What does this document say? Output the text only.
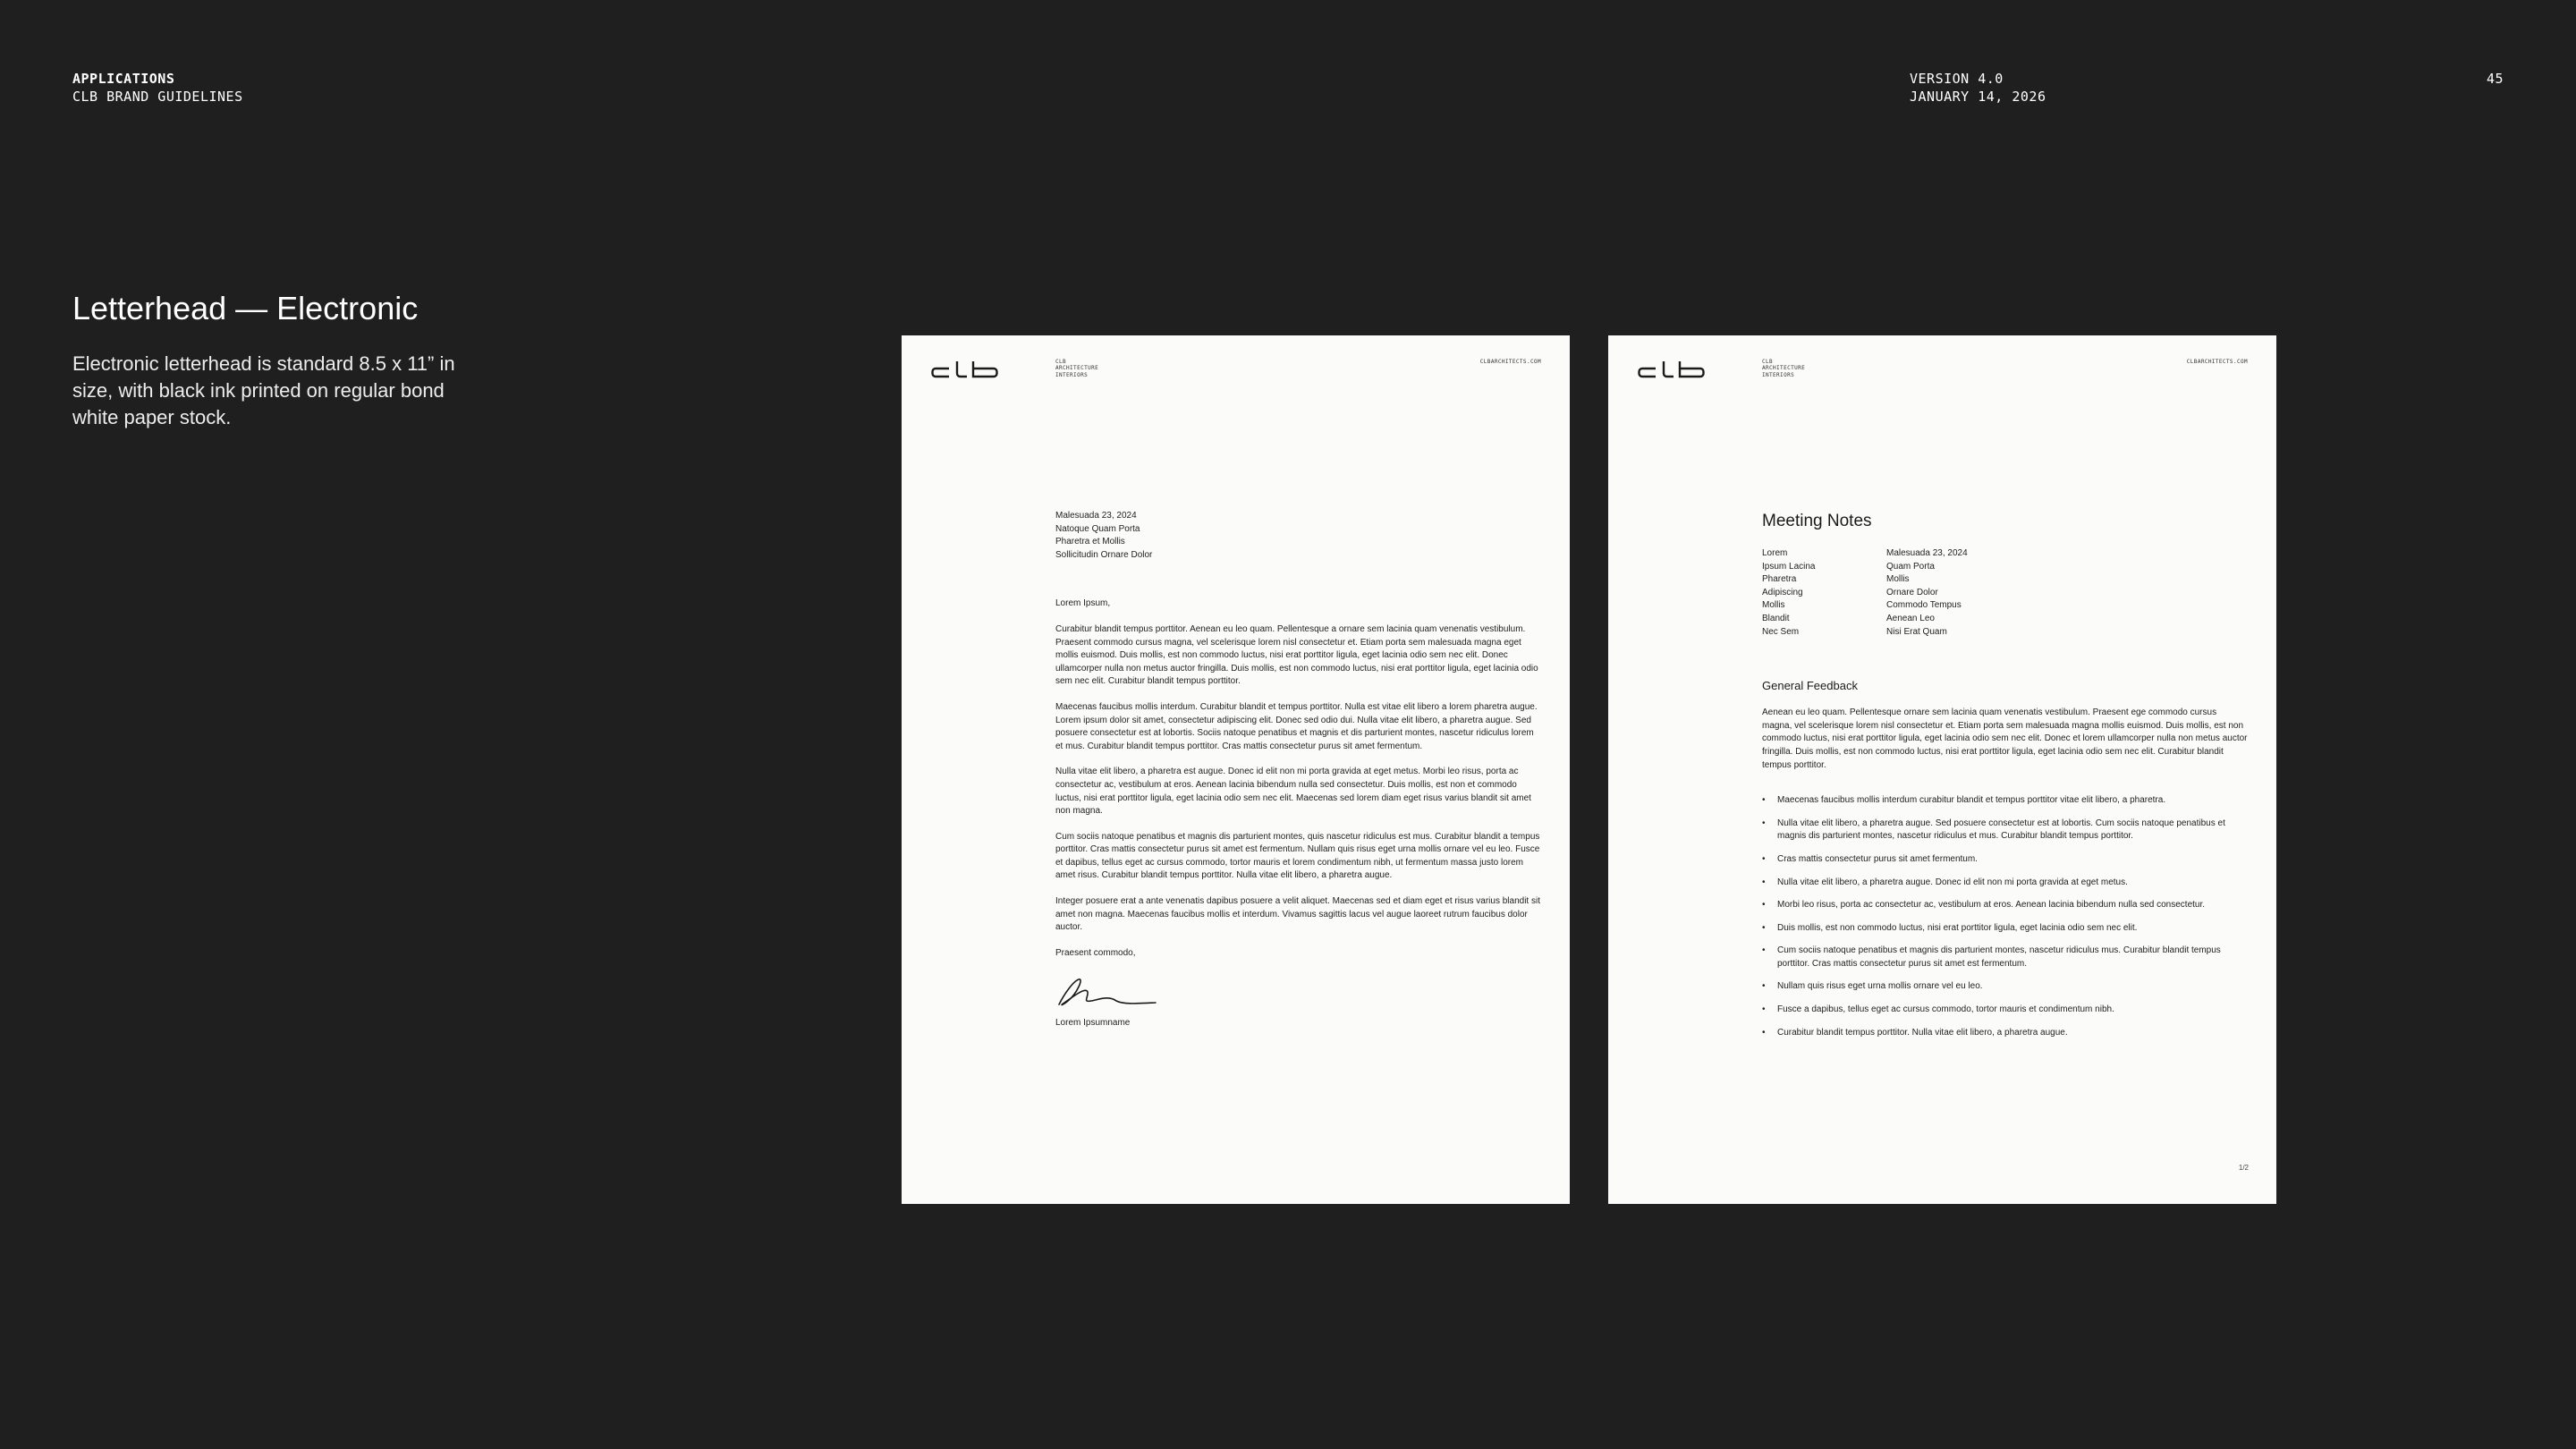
APPLICATIONS
CLB BRAND GUIDELINES
VERSION 4.0
JANUARY 14, 2026
45
Letterhead — Electronic

Electronic letterhead is standard 8.5 x 11” in size, with black ink printed on regular bond white paper stock.

CLB
ARCHITECTURE
INTERIORS
CLBARCHITECTS.COM
Malesuada 23, 2024
Natoque Quam Porta
Pharetra et Mollis
Sollicitudin Ornare Dolor

Lorem Ipsum,

Curabitur blandit tempus porttitor. Aenean eu leo quam. Pellentesque a ornare sem lacinia quam venenatis vestibulum. Praesent commodo cursus magna, vel scelerisque lorem nisl consectetur et. Etiam porta sem malesuada magna eget mollis euismod. Duis mollis, est non commodo luctus, nisi erat porttitor ligula, eget lacinia odio sem nec elit. Donec ullamcorper nulla non metus auctor fringilla. Duis mollis, est non commodo luctus, nisi erat porttitor ligula, eget lacinia odio sem nec elit. Curabitur blandit tempus porttitor.

Maecenas faucibus mollis interdum. Curabitur blandit et tempus porttitor. Nulla est vitae elit libero a lorem pharetra augue. Lorem ipsum dolor sit amet, consectetur adipiscing elit. Donec sed odio dui. Nulla vitae elit libero, a pharetra augue. Sed posuere consectetur est at lobortis. Sociis natoque penatibus et magnis et dis parturient montes, nascetur ridiculus lorem et mus. Curabitur blandit tempus porttitor. Cras mattis consectetur purus sit amet fermentum.

Nulla vitae elit libero, a pharetra est augue. Donec id elit non mi porta gravida at eget metus. Morbi leo risus, porta ac consectetur ac, vestibulum at eros. Aenean lacinia bibendum nulla sed consectetur. Duis mollis, est non et commodo luctus, nisi erat porttitor ligula, eget lacinia odio sem nec elit. Maecenas sed lorem diam eget risus varius blandit sit amet non magna.

Cum sociis natoque penatibus et magnis dis parturient montes, quis nascetur ridiculus est mus. Curabitur blandit a tempus porttitor. Cras mattis consectetur purus sit amet est fermentum. Nullam quis risus eget urna mollis ornare vel eu leo. Fusce et dapibus, tellus eget ac cursus commodo, tortor mauris et lorem condimentum nibh, ut fermentum massa justo lorem amet risus. Curabitur blandit tempus porttitor. Nulla vitae elit libero, a pharetra augue.

Integer posuere erat a ante venenatis dapibus posuere a velit aliquet. Maecenas sed et diam eget et risus varius blandit sit amet non magna. Maecenas faucibus mollis et interdum. Vivamus sagittis lacus vel augue laoreet rutrum faucibus dolor auctor.

Praesent commodo,

Lorem Ipsumname

CLB
ARCHITECTURE
INTERIORS
CLBARCHITECTS.COM

Meeting Notes

Lorem	Malesuada 23, 2024
Ipsum Lacina	Quam Porta
Pharetra	Mollis
Adipiscing	Ornare Dolor
Mollis	Commodo Tempus
Blandit	Aenean Leo
Nec Sem	Nisi Erat Quam

General Feedback

Aenean eu leo quam. Pellentesque ornare sem lacinia quam venenatis vestibulum. Praesent ege commodo cursus magna, vel scelerisque lorem nisl consectetur et. Etiam porta sem malesuada magna mollis euismod. Duis mollis, est non commodo luctus, nisi erat porttitor ligula, eget lacinia odio sem nec elit. Donec et lorem ullamcorper nulla non metus auctor fringilla. Duis mollis, est non commodo luctus, nisi erat porttitor ligula, eget lacinia odio sem nec elit. Curabitur blandit tempus porttitor.

• Maecenas faucibus mollis interdum curabitur blandit et tempus porttitor vitae elit libero, a pharetra.
• Nulla vitae elit libero, a pharetra augue. Sed posuere consectetur est at lobortis. Cum sociis natoque penatibus et magnis dis parturient montes, nascetur ridiculus et mus. Curabitur blandit tempus porttitor.
• Cras mattis consectetur purus sit amet fermentum.
• Nulla vitae elit libero, a pharetra augue. Donec id elit non mi porta gravida at eget metus.
• Morbi leo risus, porta ac consectetur ac, vestibulum at eros. Aenean lacinia bibendum nulla sed consectetur.
• Duis mollis, est non commodo luctus, nisi erat porttitor ligula, eget lacinia odio sem nec elit.
• Cum sociis natoque penatibus et magnis dis parturient montes, nascetur ridiculus mus. Curabitur blandit tempus porttitor. Cras mattis consectetur purus sit amet est fermentum.
• Nullam quis risus eget urna mollis ornare vel eu leo.
• Fusce a dapibus, tellus eget ac cursus commodo, tortor mauris et condimentum nibh.
• Curabitur blandit tempus porttitor. Nulla vitae elit libero, a pharetra augue.
1/2
